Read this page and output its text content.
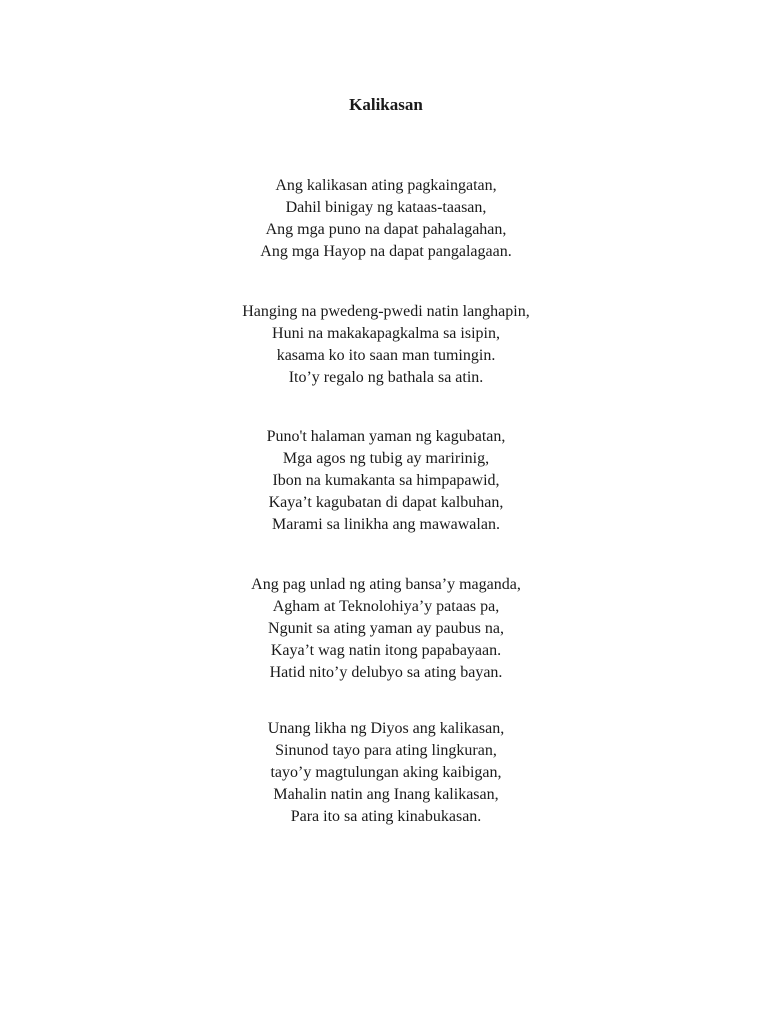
Kalikasan
Ang kalikasan ating pagkaingatan,
Dahil binigay ng kataas-taasan,
Ang mga puno na dapat pahalagahan,
Ang mga Hayop na dapat pangalagaan.
Hanging na pwedeng-pwedi natin langhapin,
Huni na makakapagkalma sa isipin,
kasama ko ito saan man tumingin.
Ito’y regalo ng bathala sa atin.
Puno't halaman yaman ng kagubatan,
Mga agos ng tubig ay maririnig,
Ibon na kumakanta sa himpapawid,
Kaya’t kagubatan di dapat kalbuhan,
Marami sa linikha ang mawawalan.
Ang pag unlad ng ating bansa’y maganda,
Agham at Teknolohiya’y pataas pa,
Ngunit sa ating yaman ay paubus na,
Kaya’t wag natin itong papabayaan.
Hatid nito’y delubyo sa ating bayan.
Unang likha ng Diyos ang kalikasan,
Sinunod tayo para ating lingkuran,
tayo’y magtulungan aking kaibigan,
Mahalin natin ang Inang kalikasan,
Para ito sa ating kinabukasan.
